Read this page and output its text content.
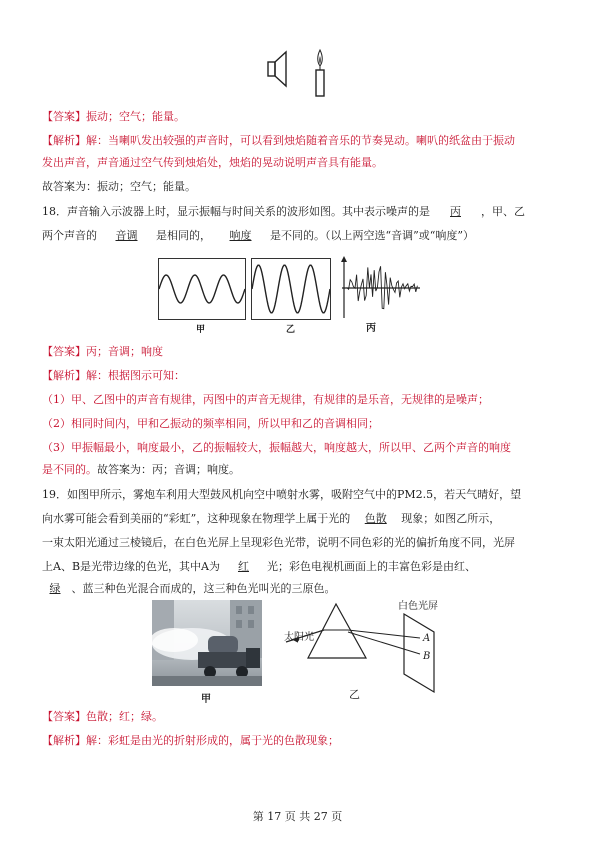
【答案】振动；空气；能量。
【解析】解：当喇叭发出较强的声音时，可以看到烛焰随着音乐的节奏晃动。喇叭的纸盆由于振动
发出声音，声音通过空气传到烛焰处，烛焰的晃动说明声音具有能量。
故答案为：振动；空气；能量。
18．声音输入示波器上时，显示振幅与时间关系的波形如图。其中表示噪声的是 丙 ，甲、乙
两个声音的 音调 是相同的， 响度 是不同的。（以上两空选“音调”或“响度”）
甲	乙	丙
【答案】丙；音调；响度
【解析】解：根据图示可知：
（1）甲、乙图中的声音有规律，丙图中的声音无规律，有规律的是乐音，无规律的是噪声；
（2）相同时间内，甲和乙振动的频率相同，所以甲和乙的音调相同；
（3）甲振幅最小，响度最小，乙的振幅较大，振幅越大，响度越大，所以甲、乙两个声音的响度
是不同的。故答案为：丙；音调；响度。
19．如图甲所示，雾炮车利用大型鼓风机向空中喷射水雾，吸附空气中的PM2.5，若天气晴好，望
向水雾可能会看到美丽的“彩虹”，这种现象在物理学上属于光的 色散 现象；如图乙所示，
一束太阳光通过三棱镜后，在白色光屏上呈现彩色光带，说明不同色彩的光的偏折角度不同，光屏
上A、B是光带边缘的色光，其中A为 红 光；彩色电视机画面上的丰富色彩是由红、
绿 、蓝三种色光混合而成的，这三种色光叫光的三原色。
甲
太阳光
白色光屏
A
B
乙
【答案】色散；红；绿。
【解析】解：彩虹是由光的折射形成的，属于光的色散现象；
第 17 页 共 27 页
